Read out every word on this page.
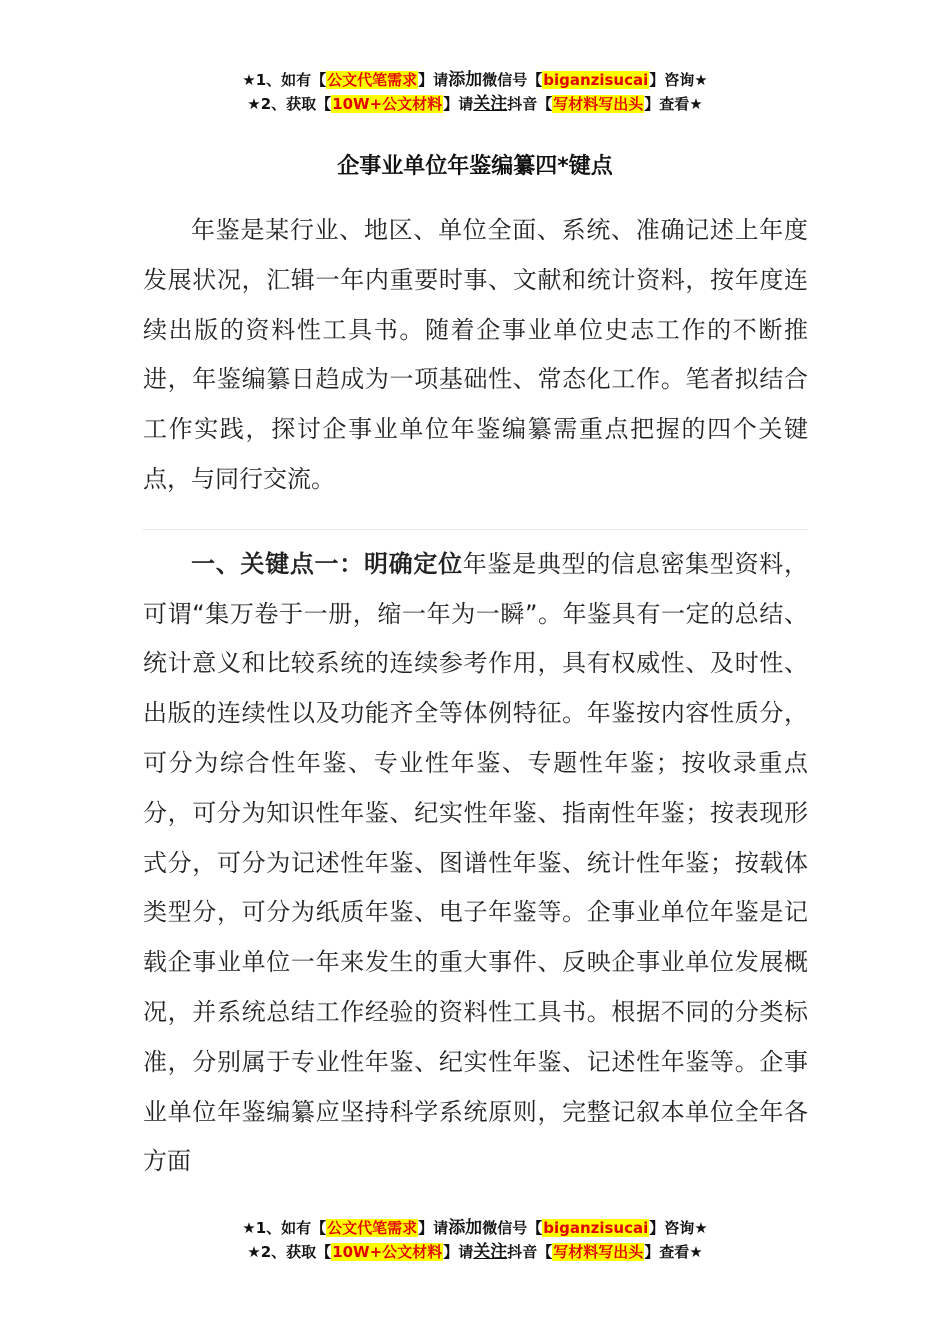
★1、如有【公文代笔需求】请添加微信号【biganzisucai】咨询★
★2、获取【10W+公文材料】请关注抖音【写材料写出头】查看★
企事业单位年鉴编纂四*键点

年鉴是某行业、地区、单位全面、系统、准确记述上年度发展状况，汇辑一年内重要时事、文献和统计资料，按年度连续出版的资料性工具书。随着企事业单位史志工作的不断推进，年鉴编纂日趋成为一项基础性、常态化工作。笔者拟结合工作实践，探讨企事业单位年鉴编纂需重点把握的四个关键点，与同行交流。

一、关键点一：明确定位年鉴是典型的信息密集型资料，可谓“集万卷于一册，缩一年为一瞬”。年鉴具有一定的总结、统计意义和比较系统的连续参考作用，具有权威性、及时性、出版的连续性以及功能齐全等体例特征。年鉴按内容性质分，可分为综合性年鉴、专业性年鉴、专题性年鉴；按收录重点分，可分为知识性年鉴、纪实性年鉴、指南性年鉴；按表现形式分，可分为记述性年鉴、图谱性年鉴、统计性年鉴；按载体类型分，可分为纸质年鉴、电子年鉴等。企事业单位年鉴是记载企事业单位一年来发生的重大事件、反映企事业单位发展概况，并系统总结工作经验的资料性工具书。根据不同的分类标准，分别属于专业性年鉴、纪实性年鉴、记述性年鉴等。企事业单位年鉴编纂应坚持科学系统原则，完整记叙本单位全年各方面

★1、如有【公文代笔需求】请添加微信号【biganzisucai】咨询★
★2、获取【10W+公文材料】请关注抖音【写材料写出头】查看★
